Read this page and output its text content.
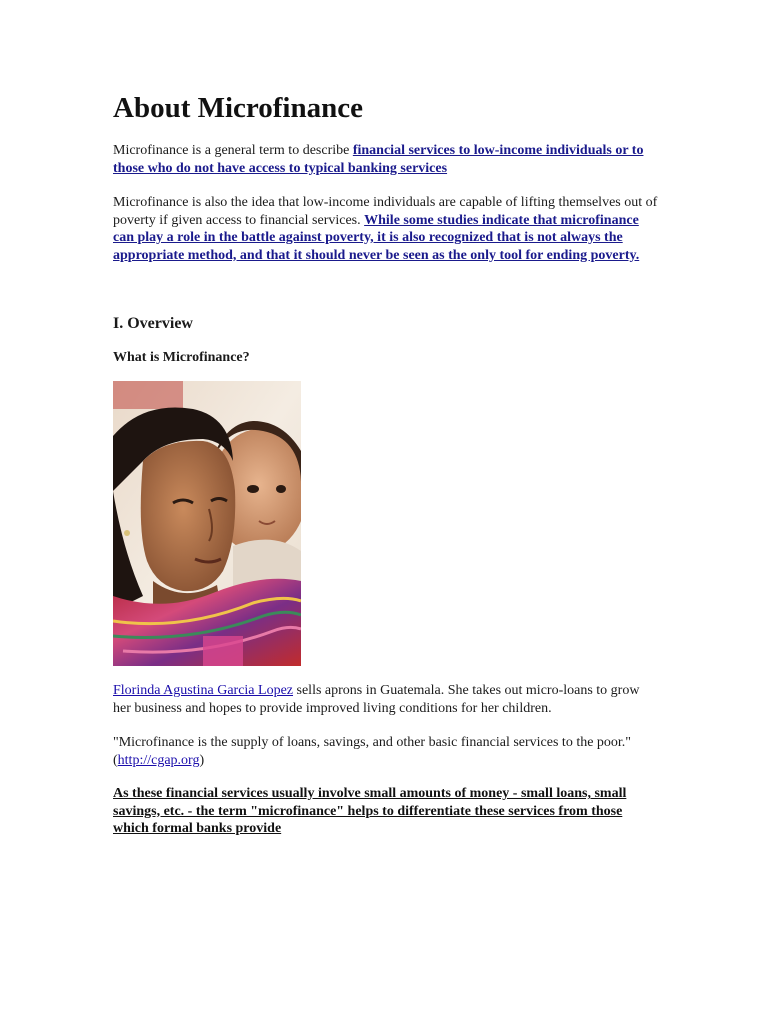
About Microfinance

Microfinance is a general term to describe financial services to low-income individuals or to those who do not have access to typical banking services

Microfinance is also the idea that low-income individuals are capable of lifting themselves out of poverty if given access to financial services. While some studies indicate that microfinance can play a role in the battle against poverty, it is also recognized that is not always the appropriate method, and that it should never be seen as the only tool for ending poverty.

I. Overview
What is Microfinance?

Florinda Agustina Garcia Lopez sells aprons in Guatemala. She takes out micro-loans to grow her business and hopes to provide improved living conditions for her children.

"Microfinance is the supply of loans, savings, and other basic financial services to the poor." (http://cgap.org)

As these financial services usually involve small amounts of money - small loans, small savings, etc. - the term "microfinance" helps to differentiate these services from those which formal banks provide
